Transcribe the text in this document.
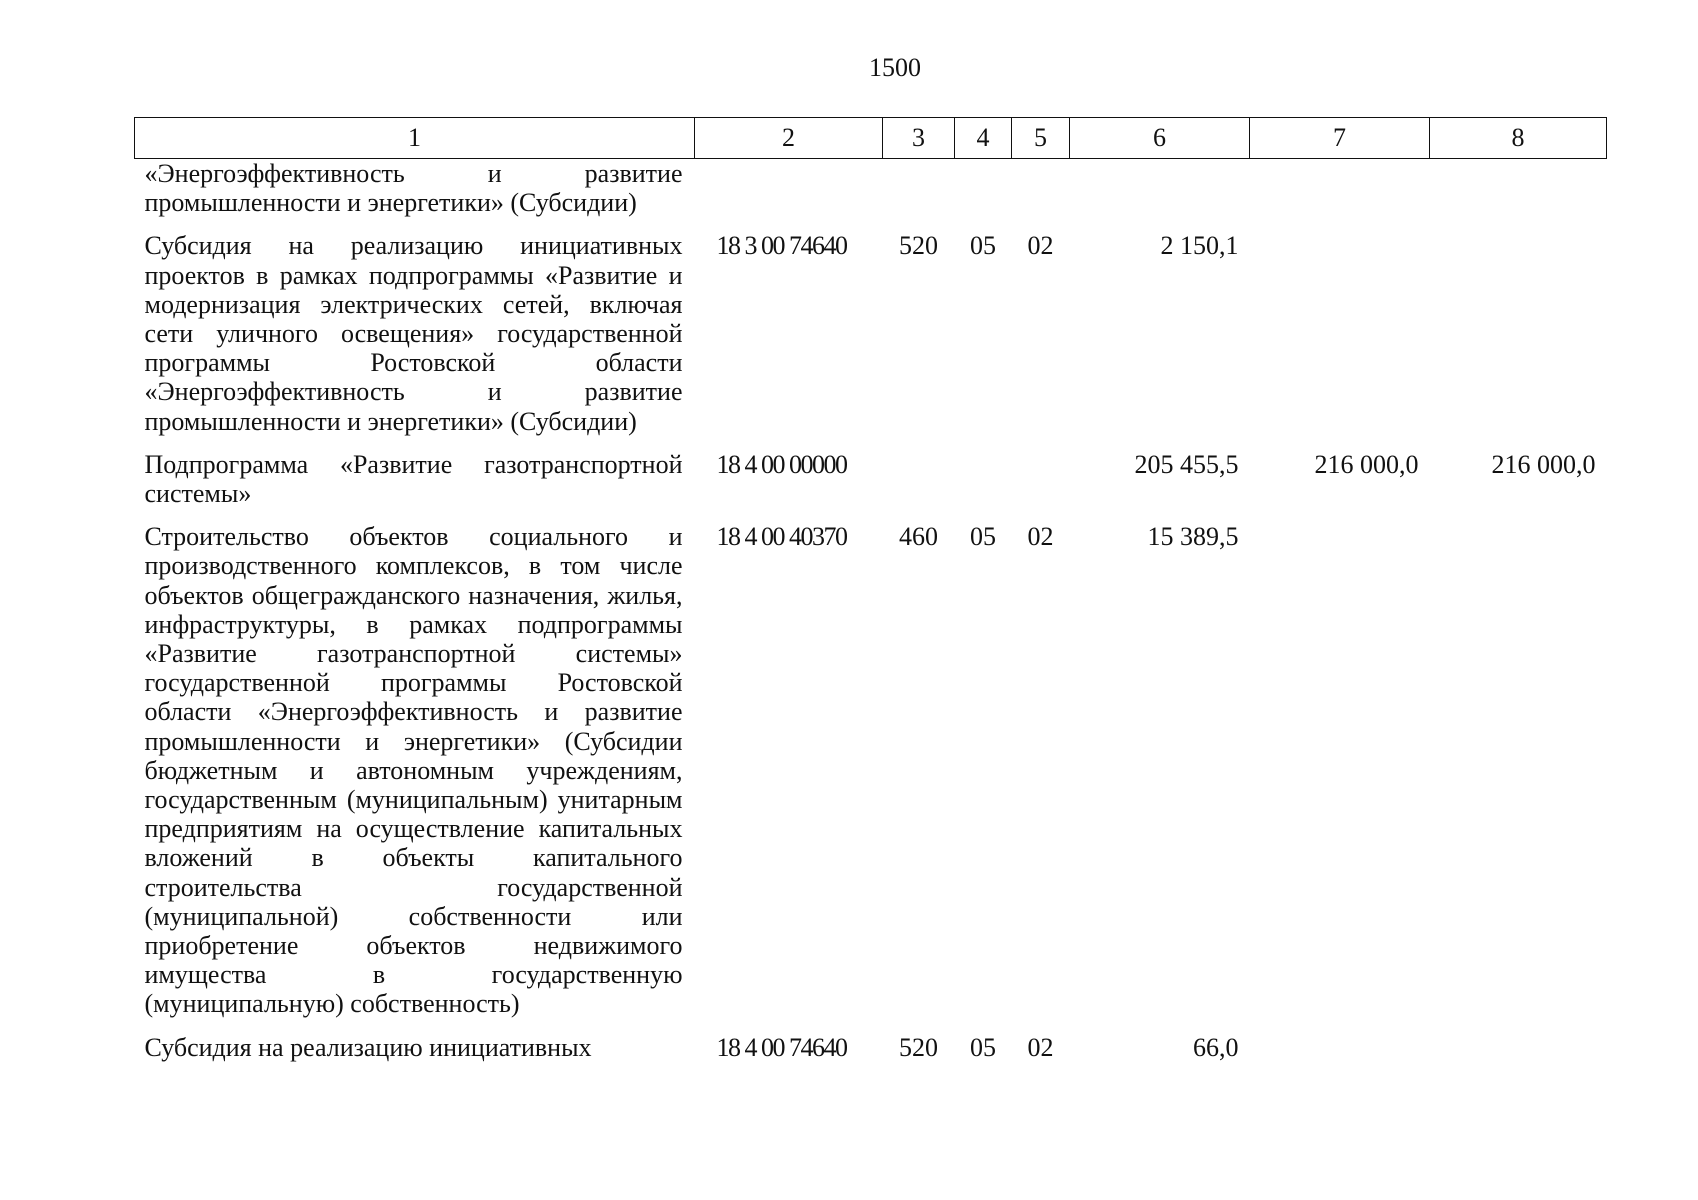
1500
1	2	3	4	5	6	7	8
«Энергоэффективность и развитие промышленности и энергетики» (Субсидии)							
Субсидия на реализацию инициативных проектов в рамках подпрограммы «Развитие и модернизация электрических сетей, включая сети уличного освещения» государственной программы Ростовской области «Энергоэффективность и развитие промышленности и энергетики» (Субсидии)	18 3 00 74640	520	05	02	2 150,1		
Подпрограмма «Развитие газотранспортной системы»	18 4 00 00000				205 455,5	216 000,0	216 000,0
Строительство объектов социального и производственного комплексов, в том числе объектов общегражданского назначения, жилья, инфраструктуры, в рамках подпрограммы «Развитие газотранспортной системы» государственной программы Ростовской области «Энергоэффективность и развитие промышленности и энергетики» (Субсидии бюджетным и автономным учреждениям, государственным (муниципальным) унитарным предприятиям на осуществление капитальных вложений в объекты капитального строительства государственной (муниципальной) собственности или приобретение объектов недвижимого имущества в государственную (муниципальную) собственность)	18 4 00 40370	460	05	02	15 389,5		
Субсидия на реализацию инициативных	18 4 00 74640	520	05	02	66,0		
